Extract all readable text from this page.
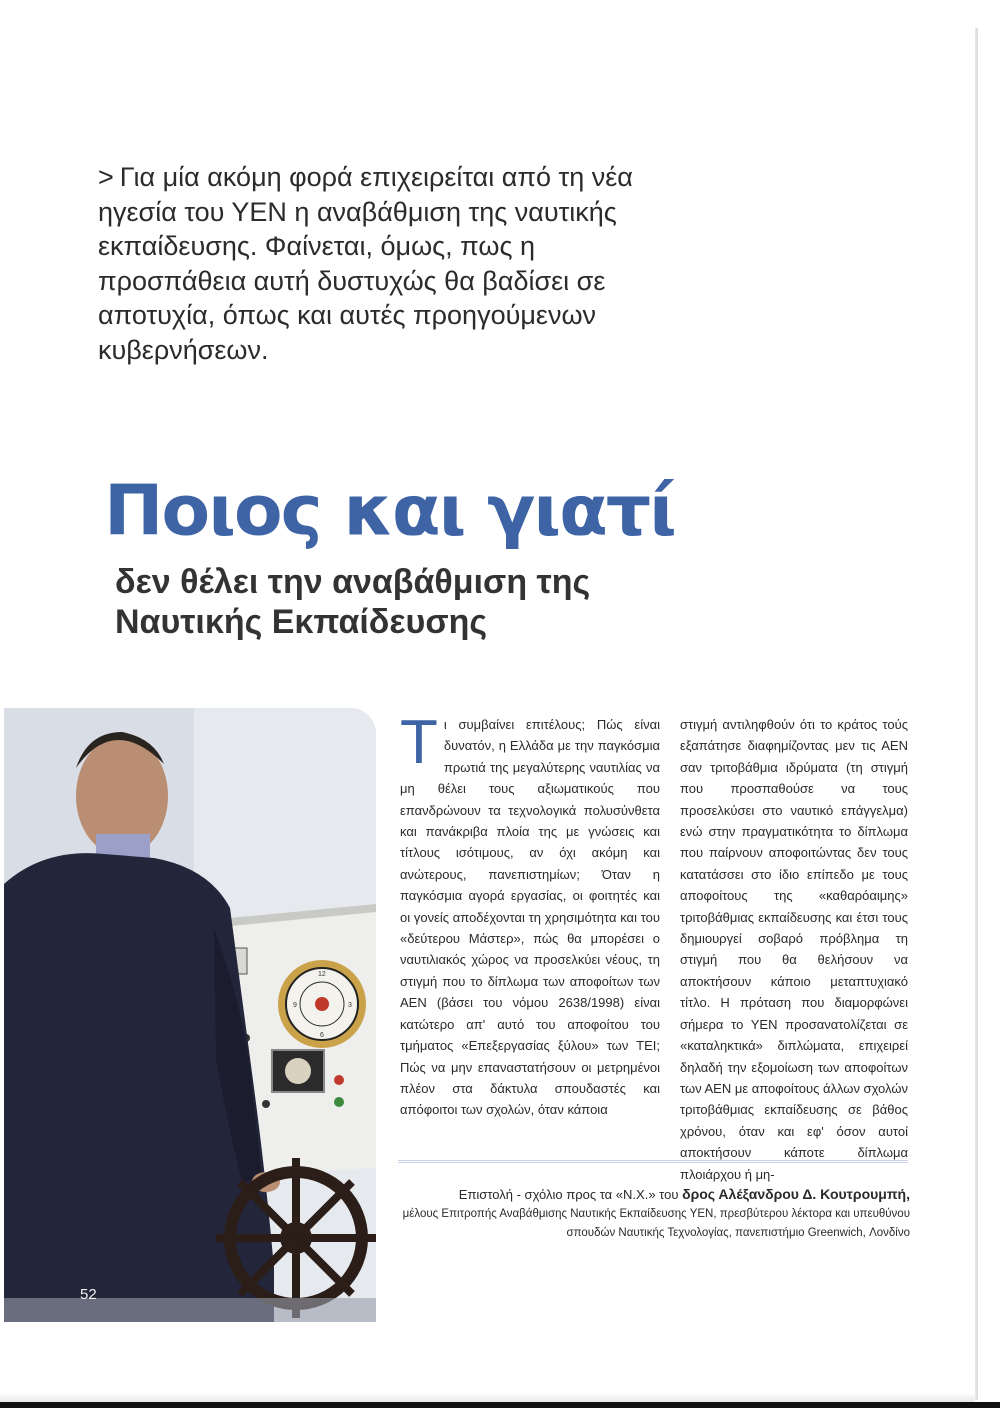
> Για μία ακόμη φορά επιχειρείται από τη νέα ηγεσία του ΥΕΝ η αναβάθμιση της ναυτικής εκπαίδευσης. Φαίνεται, όμως, πως η προσπάθεια αυτή δυστυχώς θα βαδίσει σε αποτυχία, όπως και αυτές προηγούμενων κυβερνήσεων.
Ποιος και γιατί
δεν θέλει την αναβάθμιση της Ναυτικής Εκπαίδευσης
12
3
6
9
52
Τι συμβαίνει επιτέλους; Πώς είναι δυνατόν, η Ελλάδα με την παγκόσμια πρωτιά της μεγαλύτερης ναυτιλίας να μη θέλει τους αξιωματικούς που επανδρώνουν τα τεχνολογικά πολυσύνθετα και πανάκριβα πλοία της με γνώσεις και τίτλους ισότιμους, αν όχι ακόμη και ανώτερους, πανεπιστημίων; Όταν η παγκόσμια αγορά εργασίας, οι φοιτητές και οι γονείς αποδέχονται τη χρησιμότητα και του «δεύτερου Μάστερ», πώς θα μπορέσει ο ναυτιλιακός χώρος να προσελκύει νέους, τη στιγμή που το δίπλωμα των αποφοίτων των ΑΕΝ (βάσει του νόμου 2638/1998) είναι κατώτερο απ' αυτό του αποφοίτου του τμήματος «Επεξεργασίας ξύλου» των ΤΕΙ; Πώς να μην επαναστατήσουν οι μετρημένοι πλέον στα δάκτυλα σπουδαστές και απόφοιτοι των σχολών, όταν κάποια
στιγμή αντιληφθούν ότι το κράτος τούς εξαπάτησε διαφημίζοντας μεν τις ΑΕΝ σαν τριτοβάθμια ιδρύματα (τη στιγμή που προσπαθούσε να τους προσελκύσει στο ναυτικό επάγγελμα) ενώ στην πραγματικότητα το δίπλωμα που παίρνουν αποφοιτώντας δεν τους κατατάσσει στο ίδιο επίπεδο με τους αποφοίτους της «καθαρόαιμης» τριτοβάθμιας εκπαίδευσης και έτσι τους δημιουργεί σοβαρό πρόβλημα τη στιγμή που θα θελήσουν να αποκτήσουν κάποιο μεταπτυχιακό τίτλο. Η πρόταση που διαμορφώνει σήμερα το ΥΕΝ προσανατολίζεται σε «καταληκτικά» διπλώματα, επιχειρεί δηλαδή την εξομοίωση των αποφοίτων των ΑΕΝ με αποφοίτους άλλων σχολών τριτοβάθμιας εκπαίδευσης σε βάθος χρόνου, όταν και εφ' όσον αυτοί αποκτήσουν κάποτε δίπλωμα πλοιάρχου ή μη-
Επιστολή - σχόλιο προς τα «Ν.Χ.» του δρος Αλέξανδρου Δ. Κουτρουμπή,
μέλους Επιτροπής Αναβάθμισης Ναυτικής Εκπαίδευσης ΥΕΝ, πρεσβύτερου λέκτορα και υπευθύνου σπουδών Ναυτικής Τεχνολογίας, πανεπιστήμιο Greenwich, Λονδίνο
